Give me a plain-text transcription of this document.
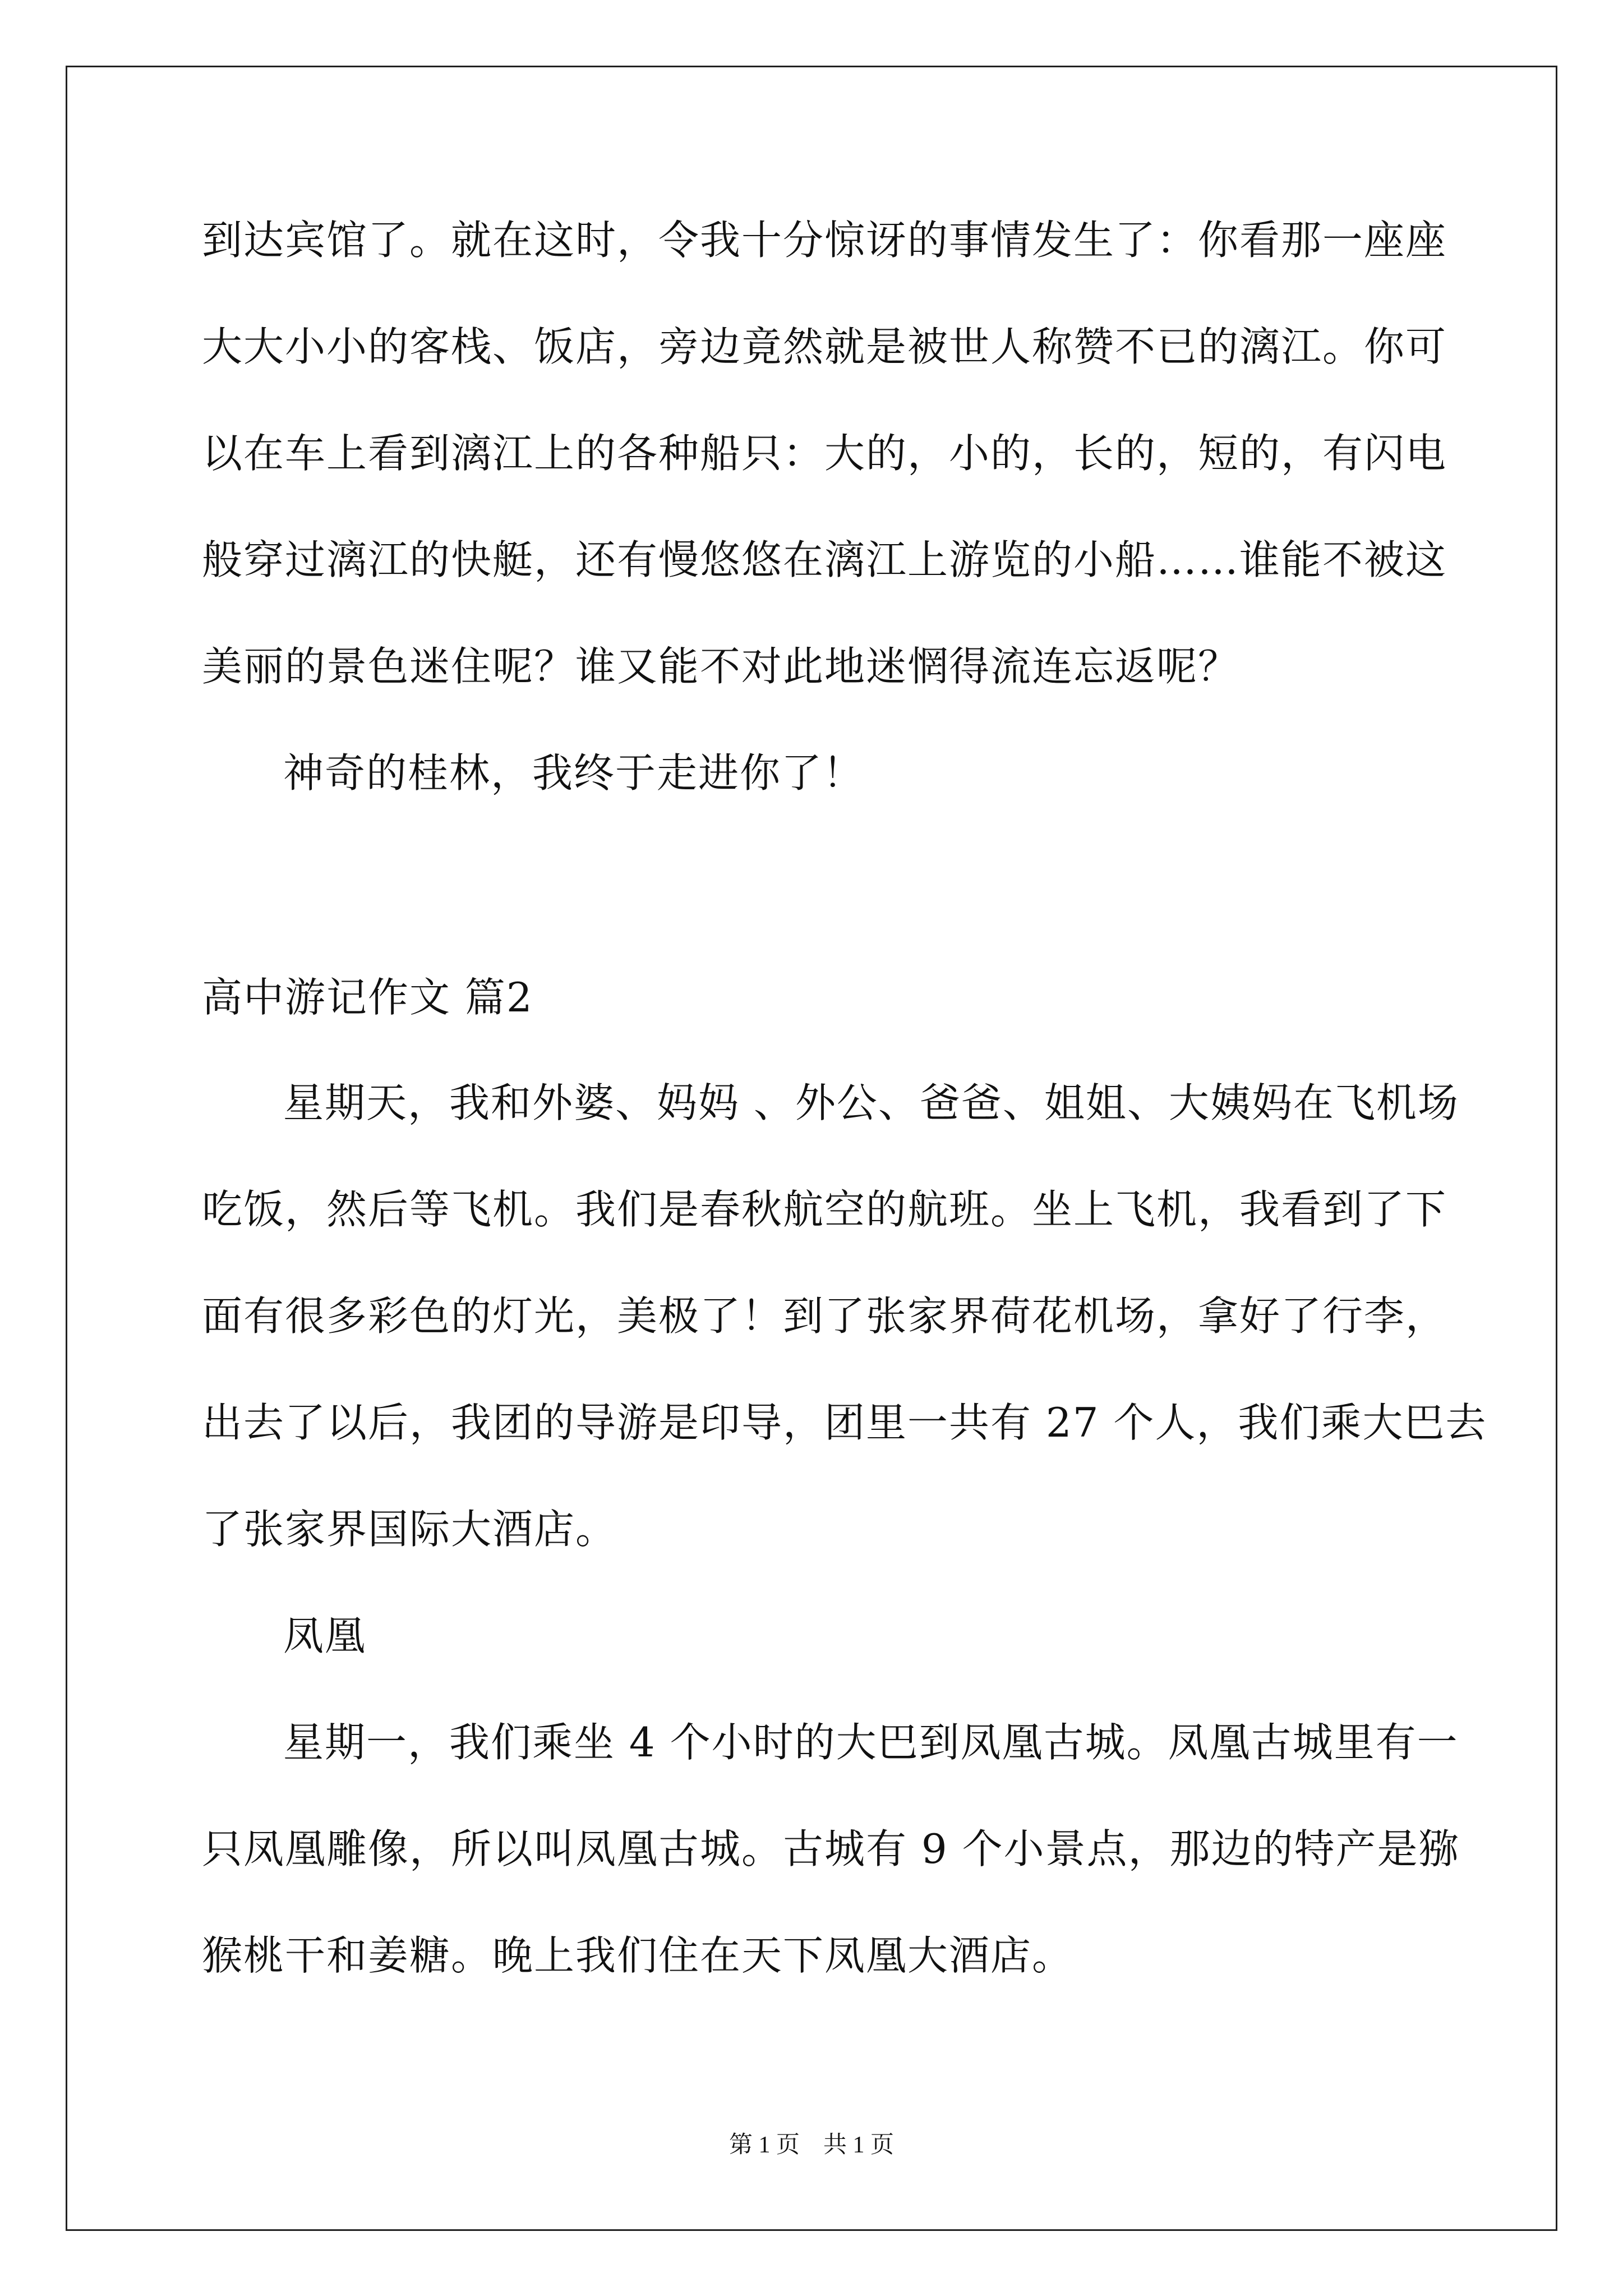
到达宾馆了。就在这时，令我十分惊讶的事情发生了：你看那一座座

大大小小的客栈、饭店，旁边竟然就是被世人称赞不已的漓江。你可

以在车上看到漓江上的各种船只：大的，小的，长的，短的，有闪电

般穿过漓江的快艇，还有慢悠悠在漓江上游览的小船……谁能不被这

美丽的景色迷住呢？谁又能不对此地迷惘得流连忘返呢？

神奇的桂林，我终于走进你了！

高中游记作文 篇2

星期天，我和外婆、妈妈 、外公、爸爸、姐姐、大姨妈在飞机场

吃饭，然后等飞机。我们是春秋航空的航班。坐上飞机，我看到了下

面有很多彩色的灯光，美极了！到了张家界荷花机场，拿好了行李，

出去了以后，我团的导游是印导，团里一共有 27 个人，我们乘大巴去

了张家界国际大酒店。

凤凰

星期一，我们乘坐 4 个小时的大巴到凤凰古城。凤凰古城里有一

只凤凰雕像，所以叫凤凰古城。古城有 9 个小景点，那边的特产是猕

猴桃干和姜糖。晚上我们住在天下凤凰大酒店。

第 1 页　共 1 页
